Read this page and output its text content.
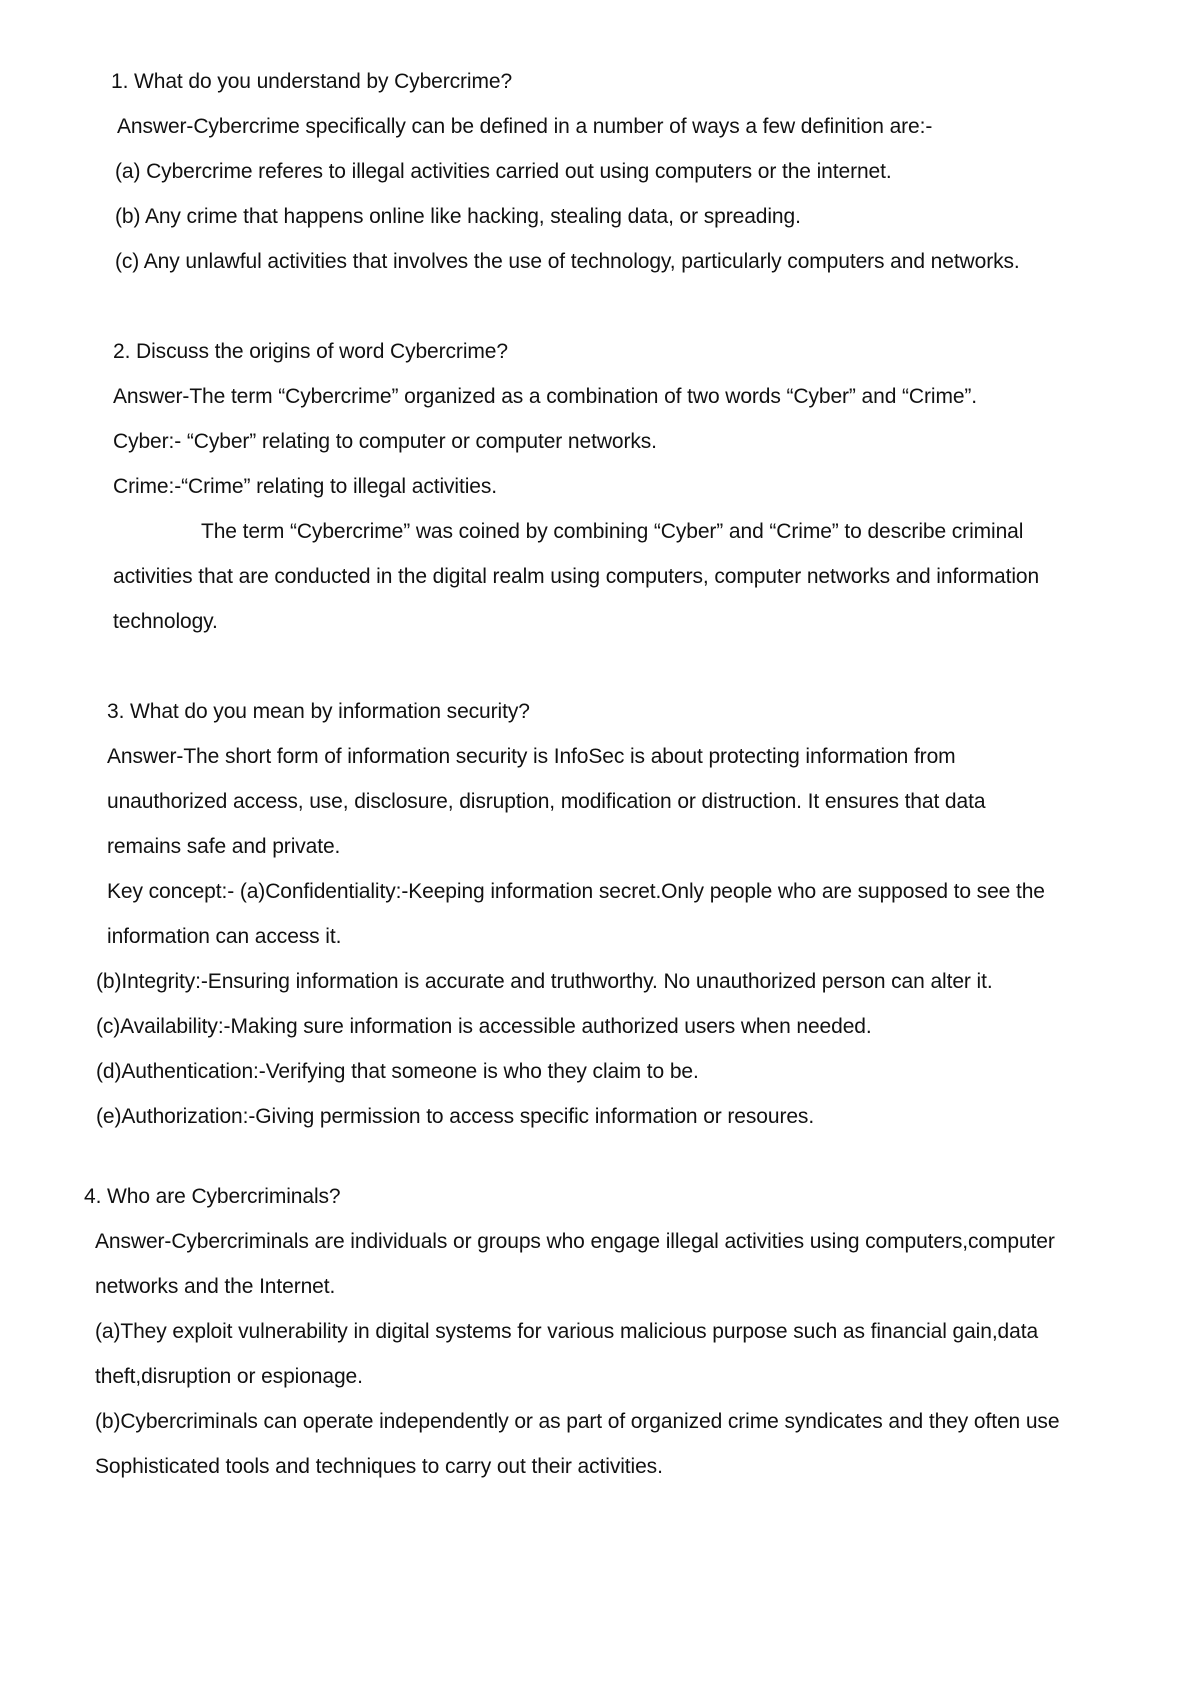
1. What do you understand by Cybercrime?
Answer-Cybercrime specifically can be defined in a number of ways a few definition are:-
(a) Cybercrime referes to illegal activities carried out using computers or the internet.
(b) Any crime that happens online like hacking, stealing data, or spreading.
(c) Any unlawful activities that involves the use of technology, particularly computers and networks.
2. Discuss the origins of word Cybercrime?
Answer-The term “Cybercrime” organized as a combination of two words “Cyber” and “Crime”.
Cyber:- “Cyber” relating to computer or computer networks.
Crime:-“Crime” relating to illegal activities.
The term “Cybercrime” was coined by combining “Cyber” and “Crime” to describe criminal
activities that are conducted in the digital realm using computers, computer networks and information
technology.
3. What do you mean by information security?
Answer-The short form of information security is InfoSec is about protecting information from
unauthorized access, use, disclosure, disruption, modification or distruction. It ensures that data
remains safe and private.
Key concept:- (a)Confidentiality:-Keeping information secret.Only people who are supposed to see the
information can access it.
(b)Integrity:-Ensuring information is accurate and truthworthy. No unauthorized person can alter it.
(c)Availability:-Making sure information is accessible authorized users when needed.
(d)Authentication:-Verifying that someone is who they claim to be.
(e)Authorization:-Giving permission to access specific information or resoures.
4. Who are Cybercriminals?
Answer-Cybercriminals are individuals or groups who engage illegal activities using computers,computer
networks and the Internet.
(a)They exploit vulnerability in digital systems for various malicious purpose such as financial gain,data
theft,disruption or espionage.
(b)Cybercriminals can operate independently or as part of organized crime syndicates and they often use
Sophisticated tools and techniques to carry out their activities.
